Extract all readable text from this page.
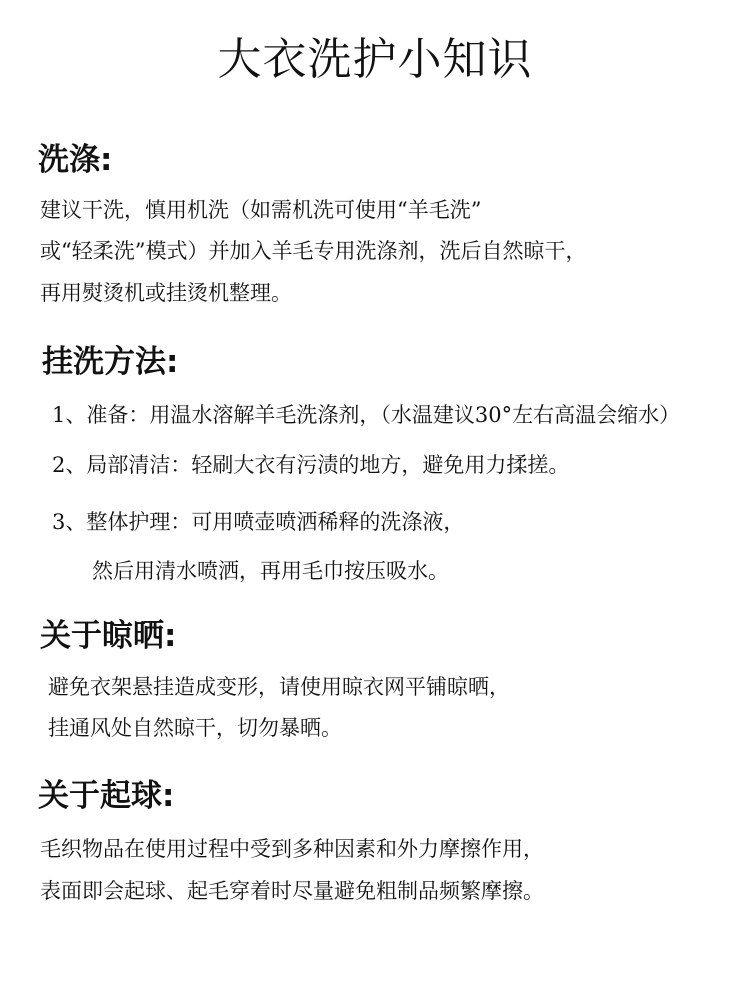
大衣洗护小知识
洗涤:
建议干洗，慎用机洗（如需机洗可使用“羊毛洗”
或“轻柔洗”模式）并加入羊毛专用洗涤剂，洗后自然晾干，
再用熨烫机或挂烫机整理。
挂洗方法:
1、准备：用温水溶解羊毛洗涤剂，（水温建议30°左右高温会缩水）
2、局部清洁：轻刷大衣有污渍的地方，避免用力揉搓。
3、整体护理：可用喷壶喷洒稀释的洗涤液，
然后用清水喷洒，再用毛巾按压吸水。
关于晾晒:
避免衣架悬挂造成变形，请使用晾衣网平铺晾晒，
挂通风处自然晾干，切勿暴晒。
关于起球:
毛织物品在使用过程中受到多种因素和外力摩擦作用，
表面即会起球、起毛穿着时尽量避免粗制品频繁摩擦。
